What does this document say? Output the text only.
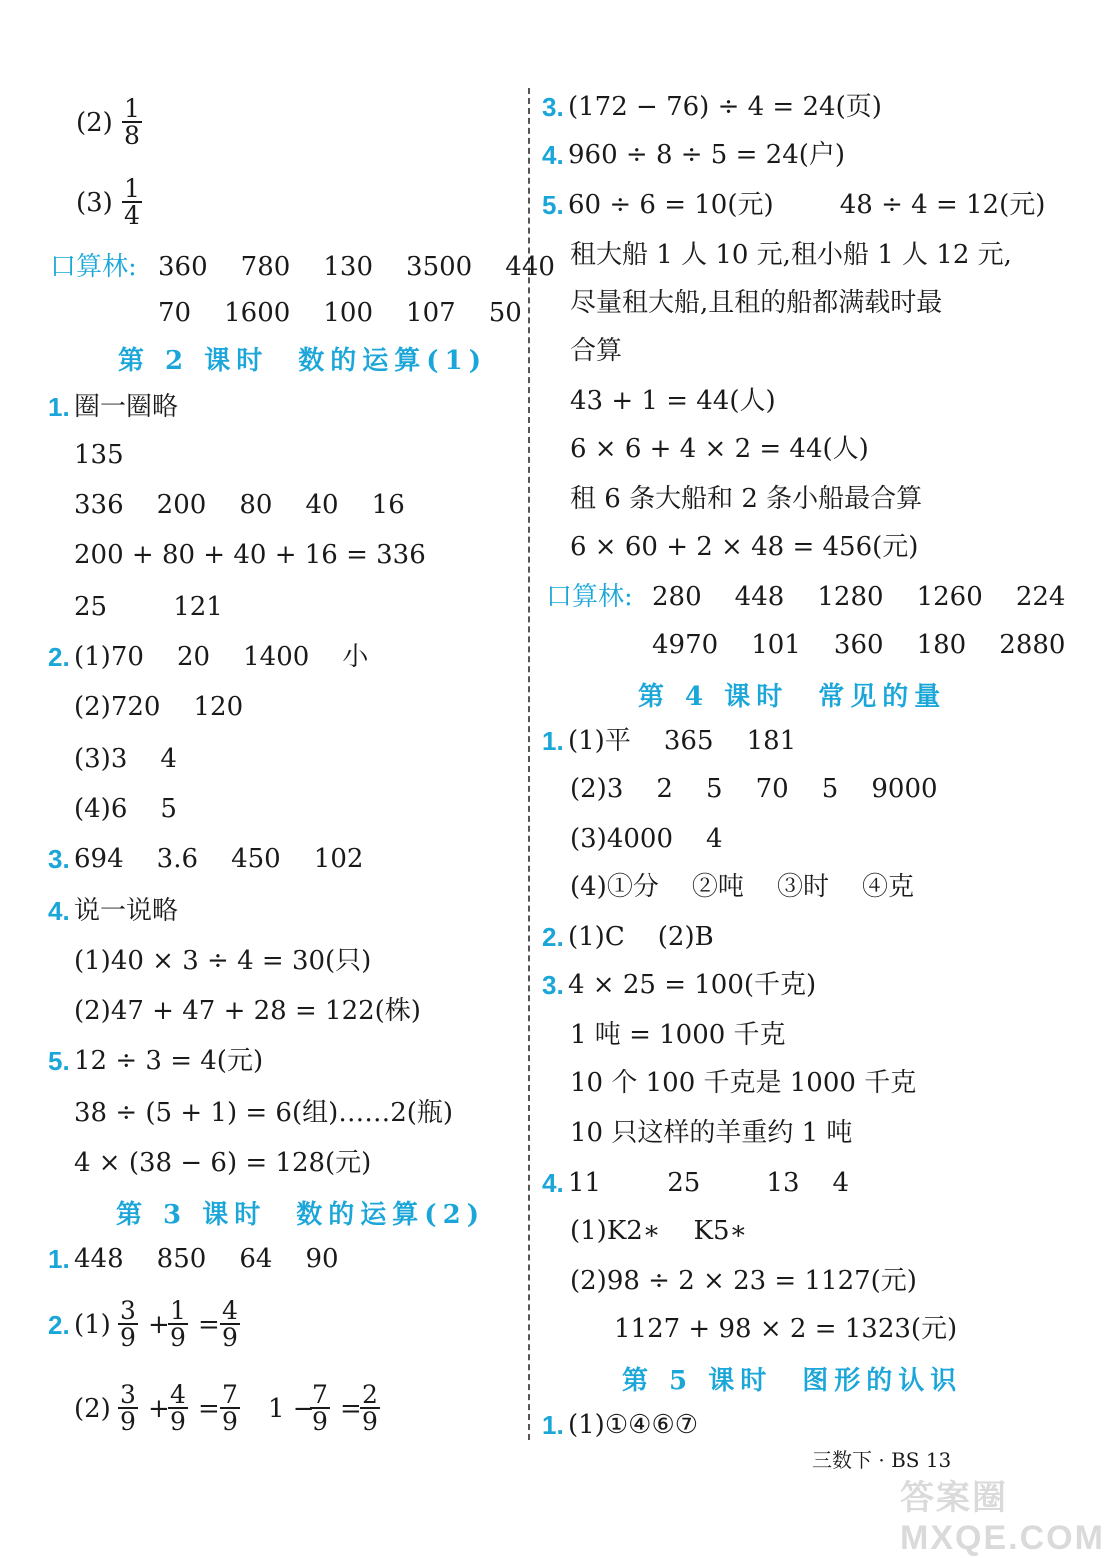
$(2) \frac{1}{8}$
$(3) \frac{1}{4}$
口算林: 360    780    130    3500    440
70    1600    100    107    50
第 2 课时  数的运算(1)
1. 圈一圈略
135
336    200    80    40    16
200 + 80 + 40 + 16 = 336
25        121
2. (1)70    20    1400    小
(2)720    120
(3)3    4
(4)6    5
3. 694    3.6    450    102
4. 说一说略
(1)40 × 3 ÷ 4 = 30(只)
(2)47 + 47 + 28 = 122(株)
5. 12 ÷ 3 = 4(元)
38 ÷ (5 + 1) = 6(组)……2(瓶)
4 × (38 − 6) = 128(元)
第 3 课时  数的运算(2)
1. 448    850    64    90
2. $(1) \frac{3}{9}$ +
$\frac{1}{9} = \frac{4}{9}$
$(2) \frac{3}{9}$ +
$\frac{4}{9} = \frac{7}{9} 1$ −
$\frac{7}{9}$ =
$\frac{2}{9}$
3. (172 − 76) ÷ 4 = 24(页)
4. 960 ÷ 8 ÷ 5 = 24(户)
5. 60 ÷ 6 = 10(元)        48 ÷ 4 = 12(元)
租大船 1 人 10 元,租小船 1 人 12 元,
尽量租大船,且租的船都满载时最
合算
43 + 1 = 44(人)
6 × 6 + 4 × 2 = 44(人)
租 6 条大船和 2 条小船最合算
6 × 60 + 2 × 48 = 456(元)
口算林: 280    448    1280    1260    224
4970    101    360    180    2880
第 4 课时  常见的量
1. (1)平    365    181
(2)3    2    5    70    5    9000
(3)4000    4
(4)①分    ②吨    ③时    ④克
2. (1)C    (2)B
3. 4 × 25 = 100(千克)
1 吨 = 1000 千克
10 个 100 千克是 1000 千克
10 只这样的羊重约 1 吨
4. 11        25        13    4
(1)K2∗    K5∗
(2)98 ÷ 2 × 23 = 1127(元)
1127 + 98 × 2 = 1323(元)
第 5 课时  图形的认识
1. (1)①④⑥⑦
三数下 · BS 13
答案圈 MXQE.COM
